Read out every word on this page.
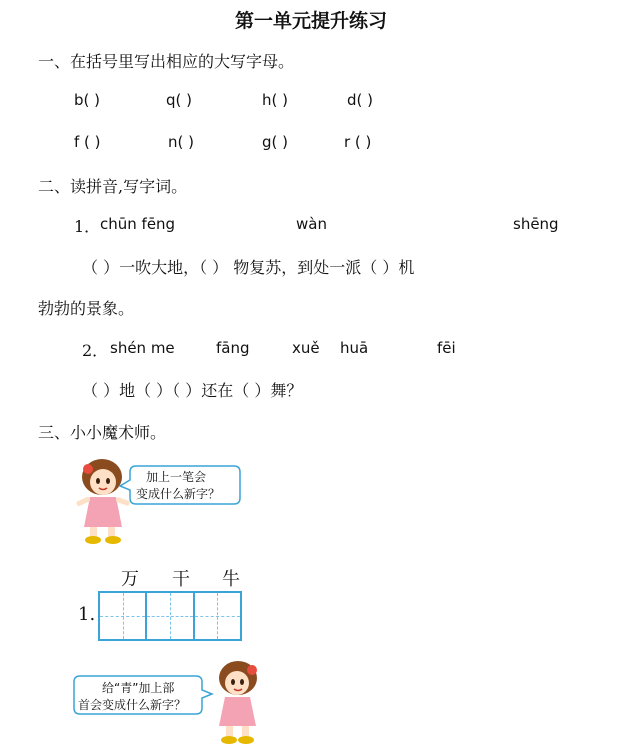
第一单元提升练习
一、在括号里写出相应的大写字母。
b( )	q( )	h( )	d( )
f ( )	n( )	g( )	r ( )
二、读拼音,写字词。
1． chūn fēng	wàn	shēng
（ ）一吹大地，（ ） 物复苏，到处一派（ ）机
勃勃的景象。
2． shén me	fāng	xuě huā	fēi
（ ）地（ ）（ ）还在（ ）舞？
三、小小魔术师。
加上一笔会
变成什么新字？
万 干 牛
1.
给“青”加上部
首会变成什么新字？
